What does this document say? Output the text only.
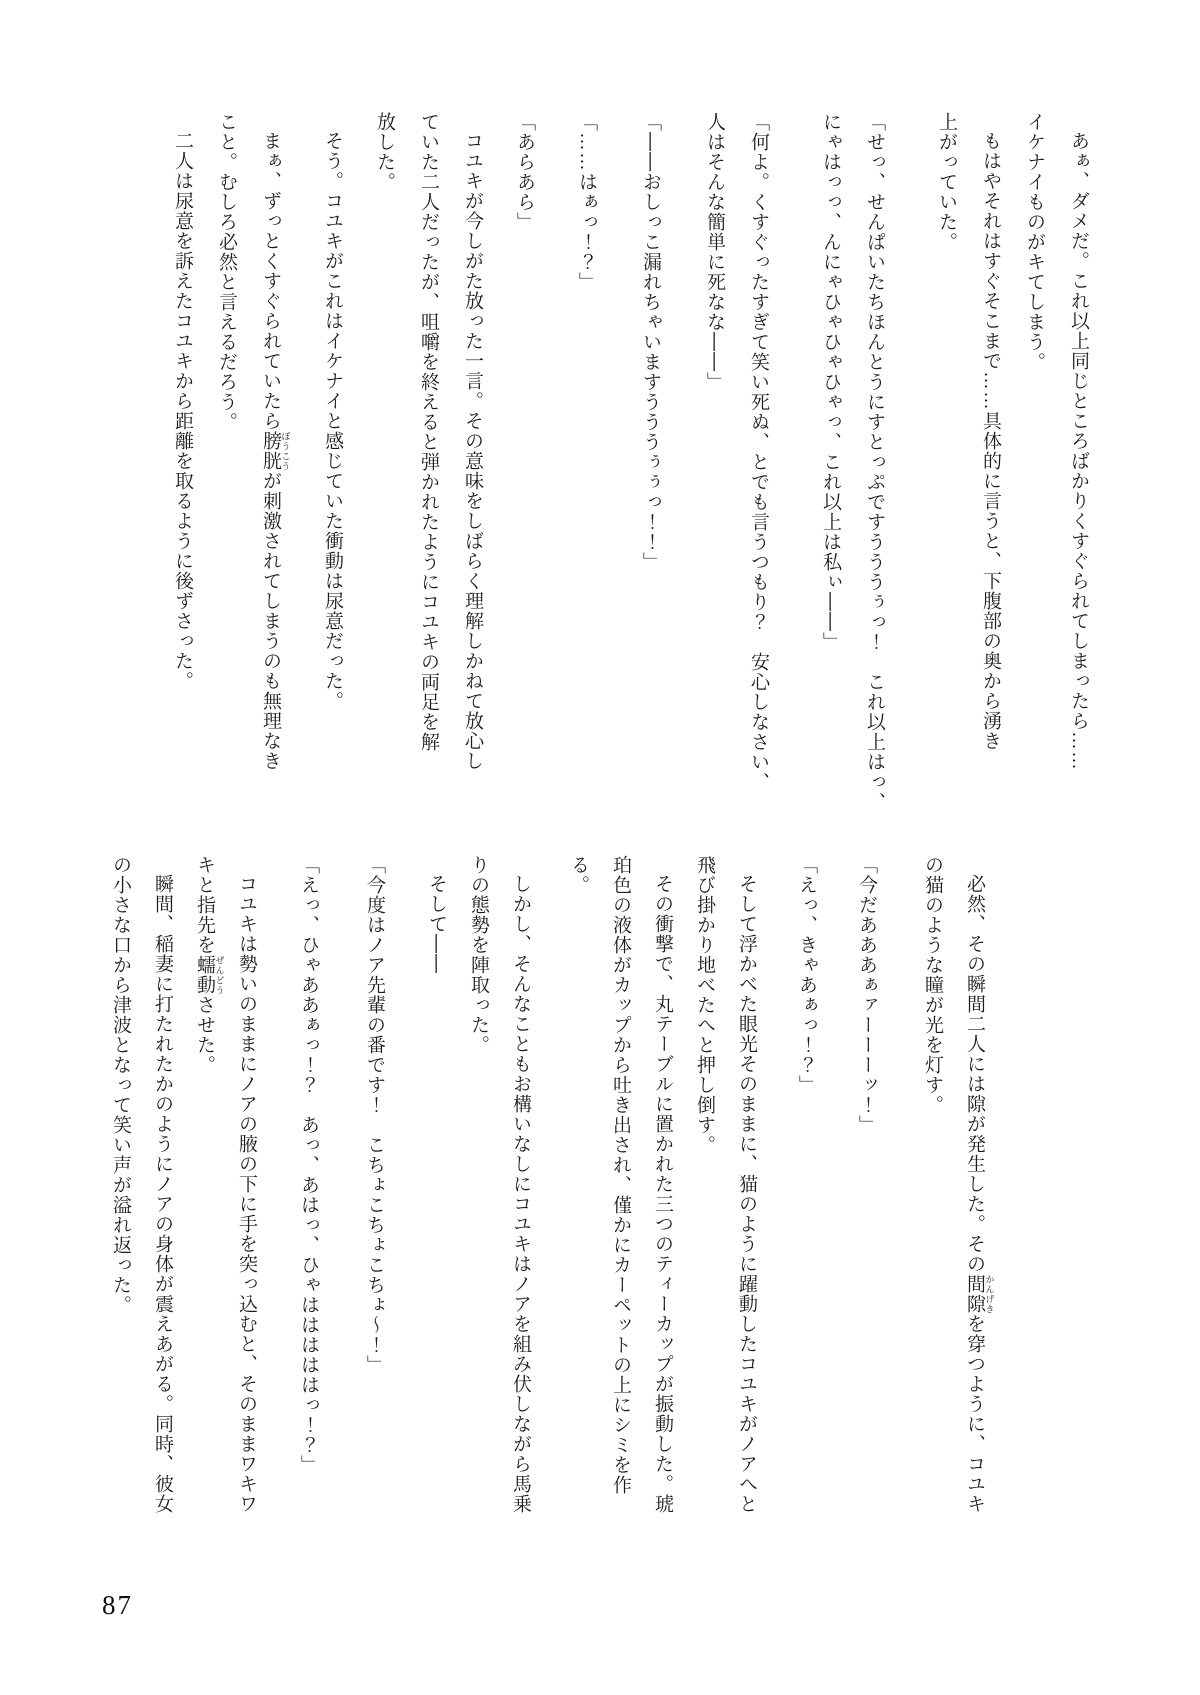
あぁ、ダメだ。これ以上同じところばかりくすぐられてしまったら……
イケナイものがキてしまう。
もはやそれはすぐそこまで……具体的に言うと、下腹部の奥から湧き
上がっていた。
「せっ、せんぱいたちほんとうにすとっぷですうううぅっ！　これ以上はっ、
にゃはっっ、んにゃひゃひゃひゃっ、これ以上は私ぃ――」
「何よ。くすぐったすぎて笑い死ぬ、とでも言うつもり？　安心しなさい、
人はそんな簡単に死なな――」
「――おしっこ漏れちゃいますうううぅぅっ！！」
「……はぁっ！？」
「あらあら」
コユキが今しがた放った一言。その意味をしばらく理解しかねて放心し
ていた二人だったが、咀嚼を終えると弾かれたようにコユキの両足を解
放した。
そう。コユキがこれはイケナイと感じていた衝動は尿意だった。
まぁ、ずっとくすぐられていたら膀胱 ぼうこうが刺激されてしまうのも無理なき
こと。むしろ必然と言えるだろう。
二人は尿意を訴えたコユキから距離を取るように後ずさった。
必然、その瞬間二人には隙が発生した。その間隙 かんげきを穿つように、コユキ
の猫のような瞳が光を灯す。
「今だあああぁァーーーッ！」
「えっ、きゃあぁっ！？」
そして浮かべた眼光そのままに、猫のように躍動したコユキがノアへと
飛び掛かり地べたへと押し倒す。
その衝撃で、丸テーブルに置かれた三つのティーカップが振動した。琥
珀色の液体がカップから吐き出され、僅かにカーペットの上にシミを作
る。
しかし、そんなこともお構いなしにコユキはノアを組み伏しながら馬乗
りの態勢を陣取った。
そして――
「今度はノア先輩の番です！　こちょこちょこちょ～！」
「えっ、ひゃああぁっ！？　あっ、あはっ、ひゃはははははっ！？」
コユキは勢いのままにノアの腋の下に手を突っ込むと、そのままワキワ
キと指先を蠕動 ぜんどうさせた。
瞬間、稲妻に打たれたかのようにノアの身体が震えあがる。同時、彼女
の小さな口から津波となって笑い声が溢れ返った。
87
